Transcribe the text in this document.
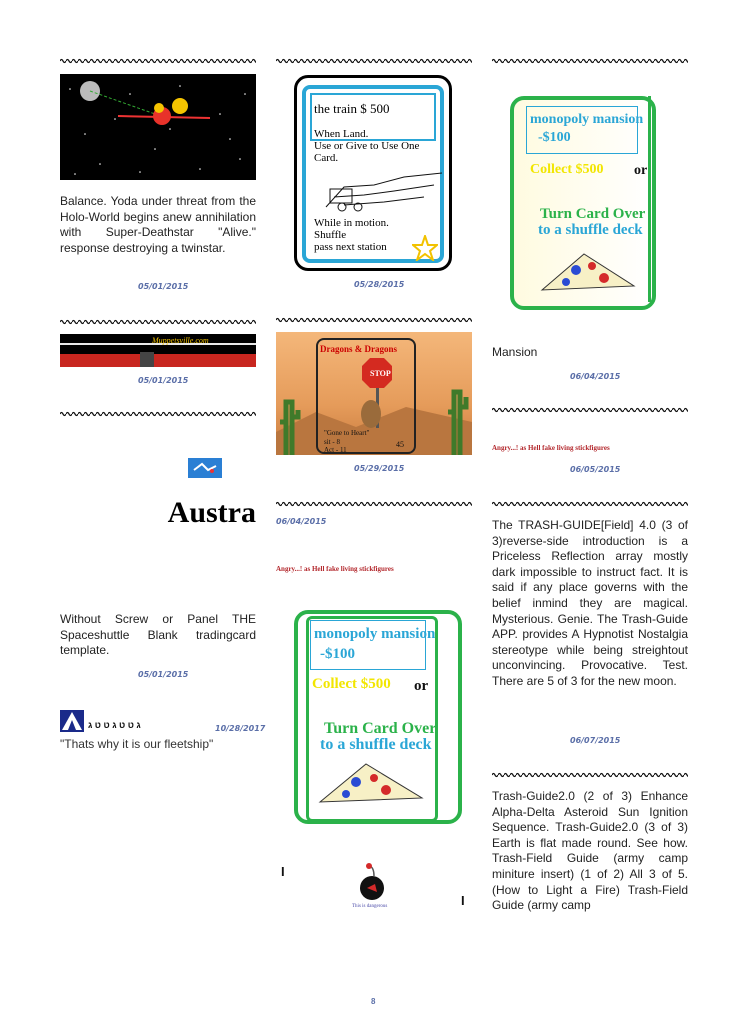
Balance. Yoda under threat from the Holo-World begins anew annihilation with Super-Deathstar "Alive." response destroying a twinstar.
05/01/2015
Muppetsville.com
05/01/2015
Austra
Without Screw or Panel THE Spaceshuttle Blank tradingcard template.
05/01/2015
ג ט ט ג ט ט ג	10/28/2017
"Thats why it is our fleetship"
the train $ 500
When Land.
Use or Give to Use One
Card.
While in motion.
Shuffle
pass next station
05/28/2015
Dragons & Dragons
STOP
"Gone to Heart"
sit - 8
Act - 11
45
05/29/2015
06/04/2015
Angry...! as Hell fake living stickfigures
monopoly mansion
-$100
Collect $500 or
Turn Card Over
to a shuffle deck
I
This is dangerous	I
monopoly mansion
-$100
Collect $500 or
Turn Card Over
to a shuffle deck
Mansion
06/04/2015
Angry...! as Hell fake living stickfigures
06/05/2015
The TRASH-GUIDE[Field] 4.0 (3 of 3)reverse-side introduction is a Priceless Reflection array mostly dark impossible to instruct fact. It is said if any place governs with the belief inmind they are magical. Mysterious. Genie. The Trash-Guide APP. provides A Hypnotist Nostalgia stereotype while being streightout unconvincing. Provocative. Test. There are 5 of 3 for the new moon.
06/07/2015
Trash-Guide2.0 (2 of 3) Enhance Alpha-Delta Asteroid Sun Ignition Sequence. Trash-Guide2.0 (3 of 3) Earth is flat made round. See how. Trash-Field Guide (army camp miniture insert) (1 of 2) All 3 of 5. (How to Light a Fire) Trash-Field Guide (army camp
8
